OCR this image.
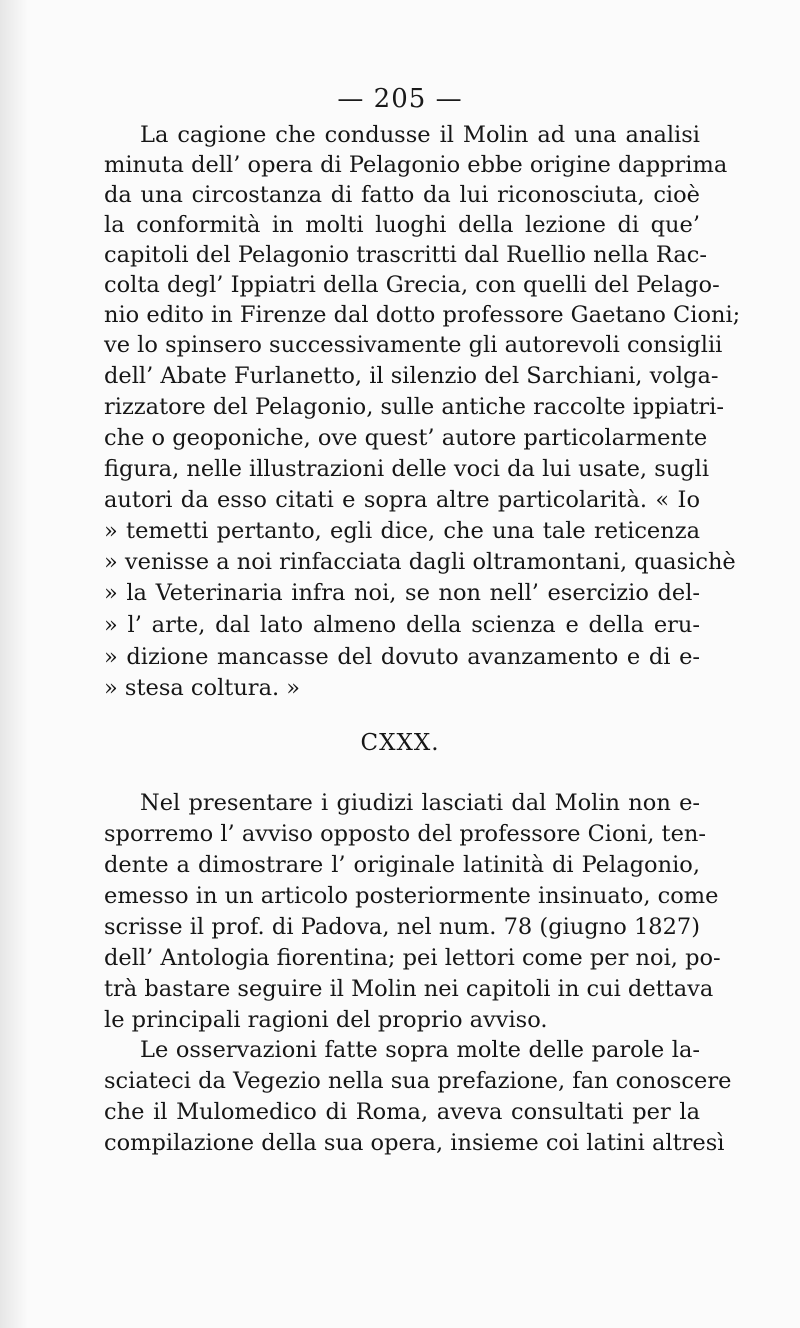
— 205 —
La cagione che condusse il Molin ad una analisi
minuta dell’ opera di Pelagonio ebbe origine dapprima
da una circostanza di fatto da lui riconosciuta, cioè
la conformità in molti luoghi della lezione di que’
capitoli del Pelagonio trascritti dal Ruellio nella Rac-
colta degl’ Ippiatri della Grecia, con quelli del Pelago-
nio edito in Firenze dal dotto professore Gaetano Cioni;
ve lo spinsero successivamente gli autorevoli consiglii
dell’ Abate Furlanetto, il silenzio del Sarchiani, volga-
rizzatore del Pelagonio, sulle antiche raccolte ippiatri-
che o geoponiche, ove quest’ autore particolarmente
figura, nelle illustrazioni delle voci da lui usate, sugli
autori da esso citati e sopra altre particolarità. « Io
» temetti pertanto, egli dice, che una tale reticenza
» venisse a noi rinfacciata dagli oltramontani, quasichè
» la Veterinaria infra noi, se non nell’ esercizio del-
» l’ arte, dal lato almeno della scienza e della eru-
» dizione mancasse del dovuto avanzamento e di e-
» stesa coltura. »
CXXX.
Nel presentare i giudizi lasciati dal Molin non e-
sporremo l’ avviso opposto del professore Cioni, ten-
dente a dimostrare l’ originale latinità di Pelagonio,
emesso in un articolo posteriormente insinuato, come
scrisse il prof. di Padova, nel num. 78 (giugno 1827)
dell’ Antologia fiorentina; pei lettori come per noi, po-
trà bastare seguire il Molin nei capitoli in cui dettava
le principali ragioni del proprio avviso.
Le osservazioni fatte sopra molte delle parole la-
sciateci da Vegezio nella sua prefazione, fan conoscere
che il Mulomedico di Roma, aveva consultati per la
compilazione della sua opera, insieme coi latini altresì
